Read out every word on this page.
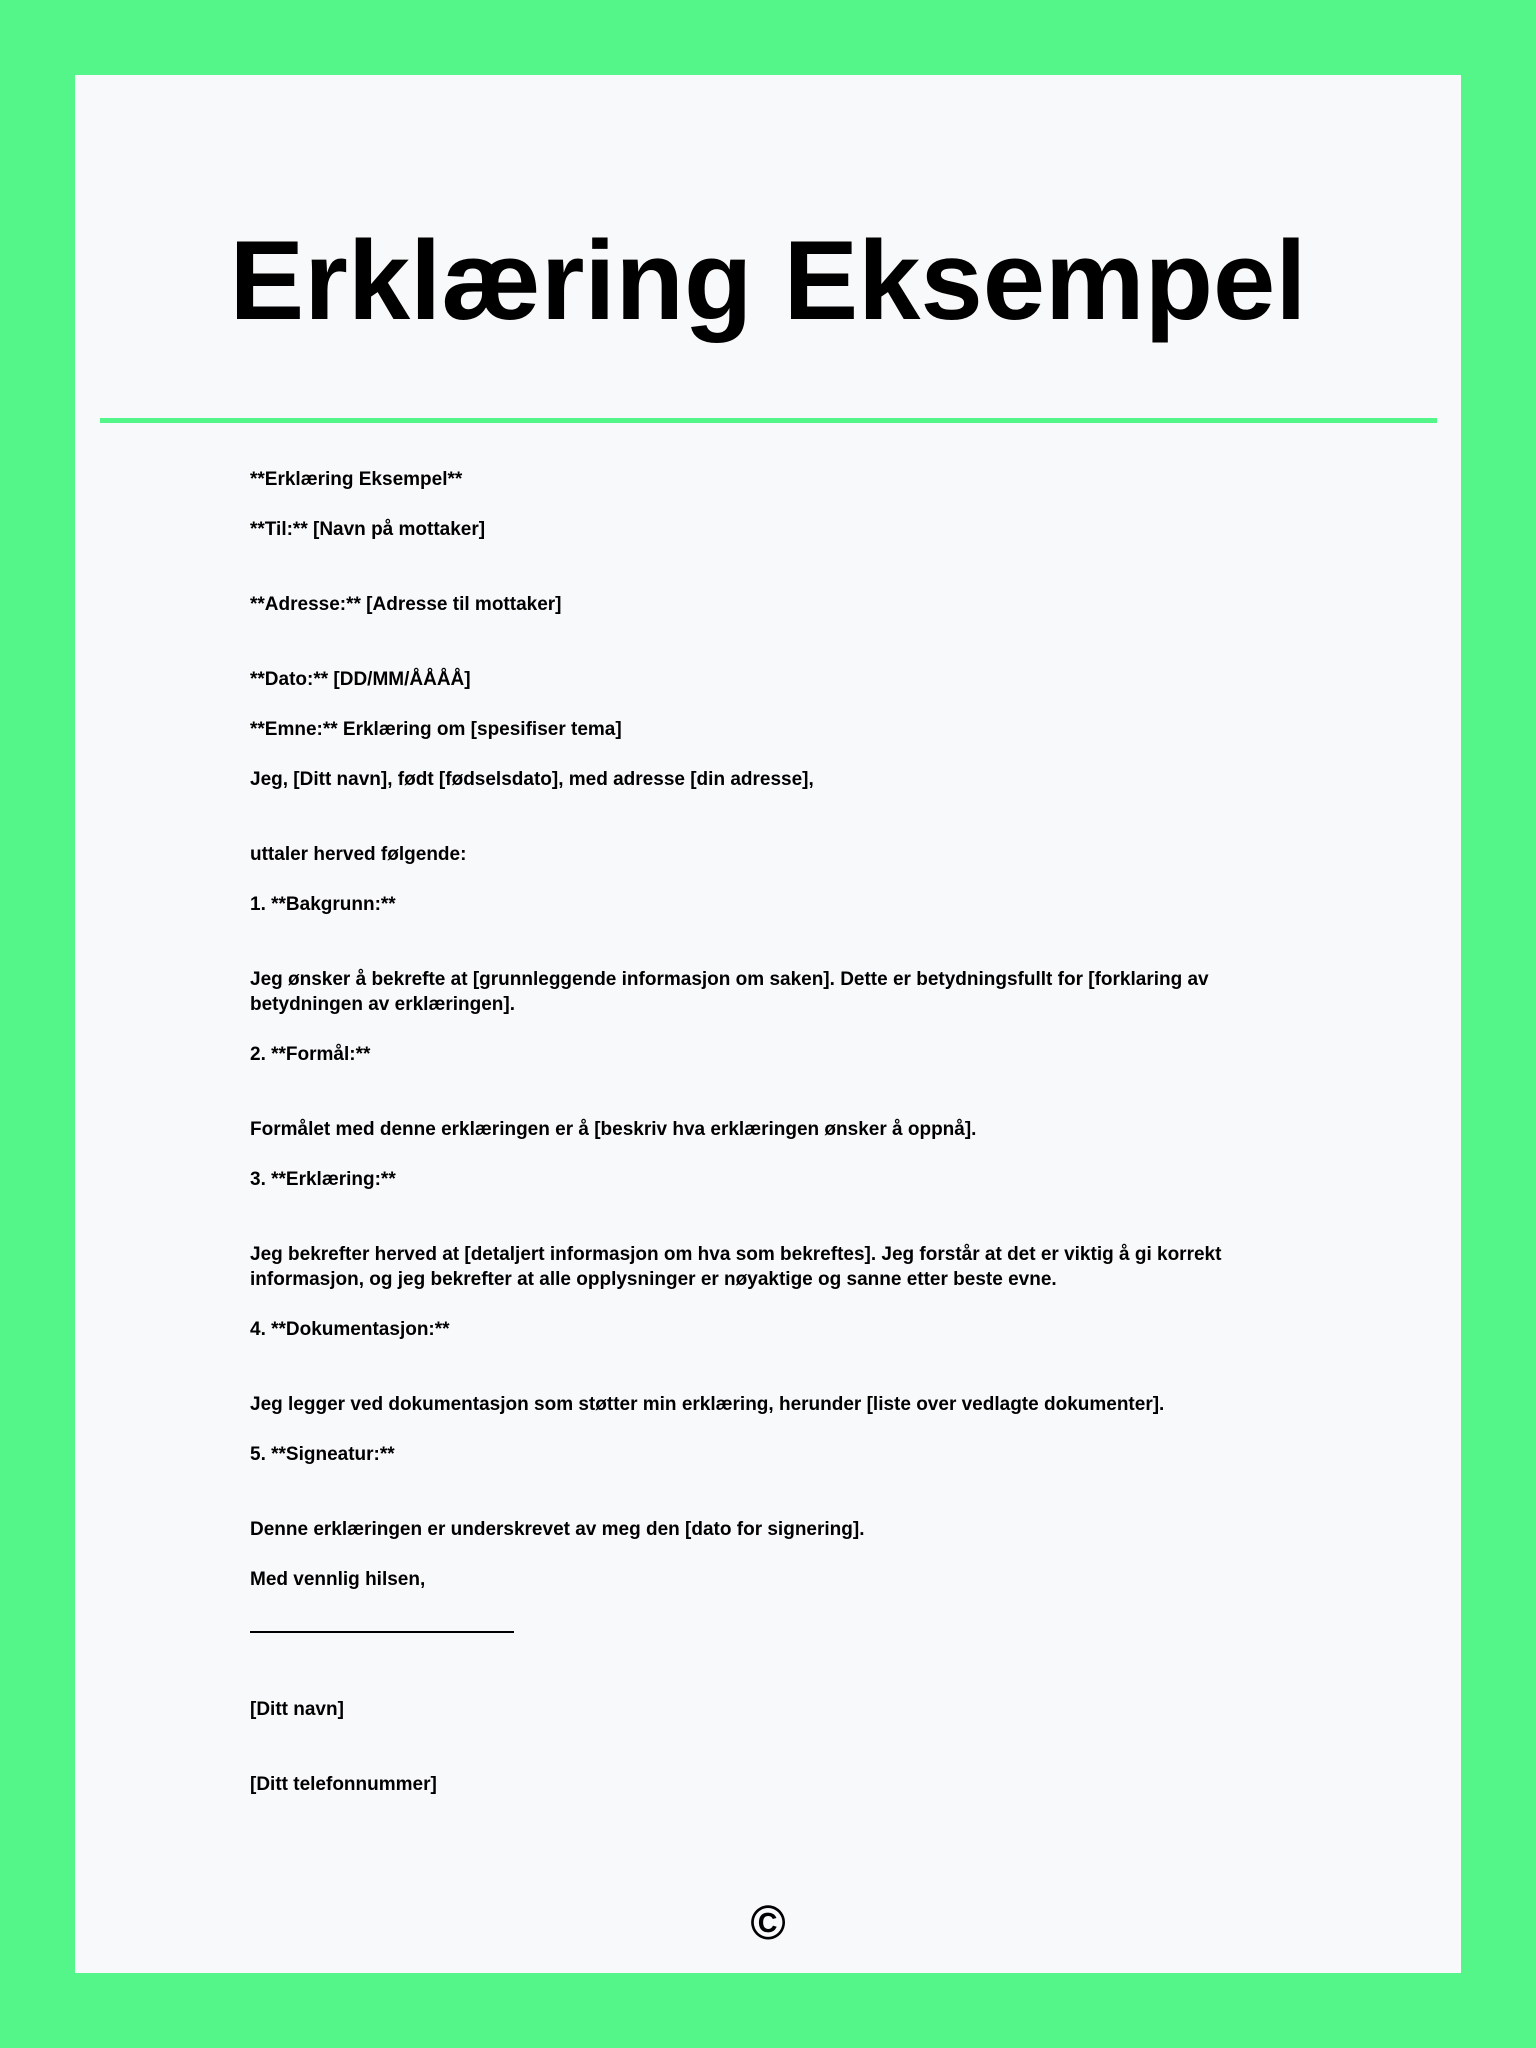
Erklæring Eksempel

**Erklæring Eksempel**

**Til:** [Navn på mottaker]

**Adresse:** [Adresse til mottaker]

**Dato:** [DD/MM/ÅÅÅÅ]

**Emne:** Erklæring om [spesifiser tema]

Jeg, [Ditt navn], født [fødselsdato], med adresse [din adresse],

uttaler herved følgende:

1. **Bakgrunn:**

Jeg ønsker å bekrefte at [grunnleggende informasjon om saken]. Dette er betydningsfullt for [forklaring av betydningen av erklæringen].

2. **Formål:**

Formålet med denne erklæringen er å [beskriv hva erklæringen ønsker å oppnå].

3. **Erklæring:**

Jeg bekrefter herved at [detaljert informasjon om hva som bekreftes]. Jeg forstår at det er viktig å gi korrekt informasjon, og jeg bekrefter at alle opplysninger er nøyaktige og sanne etter beste evne.

4. **Dokumentasjon:**

Jeg legger ved dokumentasjon som støtter min erklæring, herunder [liste over vedlagte dokumenter].

5. **Signeatur:**

Denne erklæringen er underskrevet av meg den [dato for signering].

Med vennlig hilsen,

[Ditt navn]

[Ditt telefonnummer]

©
